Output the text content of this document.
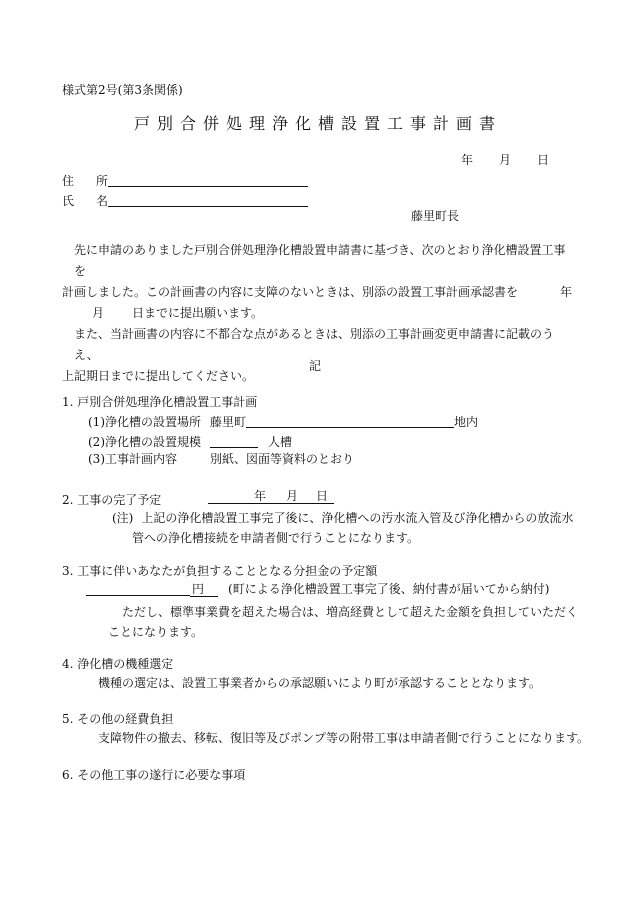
様式第2号(第3条関係)
戸別合併処理浄化槽設置工事計画書
年 月 日
住 所
氏 名
藤里町長

先に申請のありました戸別合併処理浄化槽設置申請書に基づき、次のとおり浄化槽設置工事を

計画しました。この計画書の内容に支障のないときは、別添の設置工事計画承認書を	年

月 日までに提出願います。

また、当計画書の内容に不都合な点があるときは、別添の工事計画変更申請書に記載のうえ、

上記期日までに提出してください。

記
1. 戸別合併処理浄化槽設置工事計画
(1)浄化槽の設置場所 藤里町	地内
(2)浄化槽の設置規模	人槽
(3)工事計画内容	別紙、図面等資料のとおり
2. 工事の完了予定	年 月 日
(注) 上記の浄化槽設置工事完了後に、浄化槽への汚水流入管及び浄化槽からの放流水
管への浄化槽接続を申請者側で行うことになります。
3. 工事に伴いあなたが負担することとなる分担金の予定額
円 (町による浄化槽設置工事完了後、納付書が届いてから納付)
ただし、標準事業費を超えた場合は、増高経費として超えた金額を負担していただく
ことになります。
4. 浄化槽の機種選定
機種の選定は、設置工事業者からの承認願いにより町が承認することとなります。
5. その他の経費負担
支障物件の撤去、移転、復旧等及びポンプ等の附帯工事は申請者側で行うことになります。
6. その他工事の遂行に必要な事項
